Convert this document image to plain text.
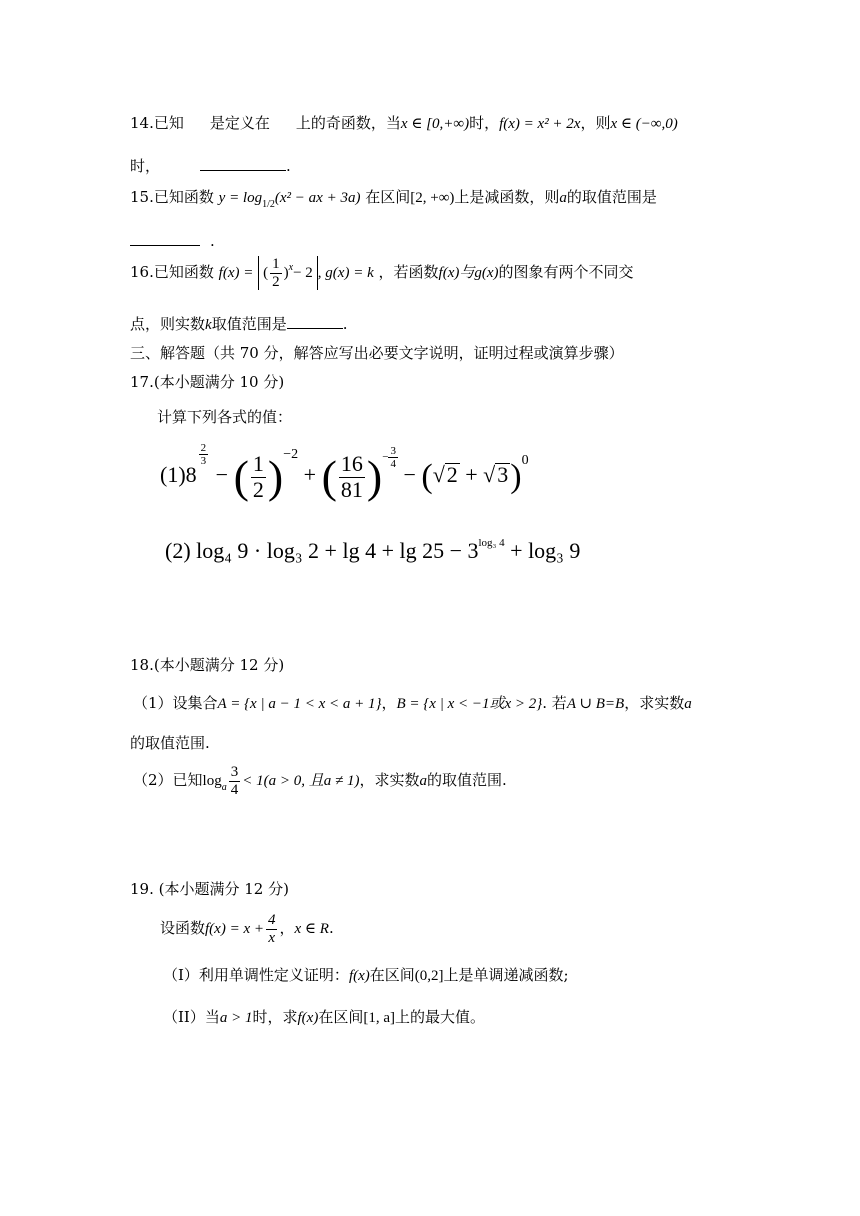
14.已知 是定义在 上的奇函数，当x ∈ [0,+∞)时，f(x) = x² + 2x，则x ∈ (−∞,0)
时，	.
15.已知函数 $y = \log_{1/2}(x^2$ − ax + 3a) 在区间[2, +∞)上是减函数，则a的取值范围是
.
16.已知函数 f(x) = ( $\frac{1}{2} )^x- 2$ , g(x) = k ，若函数f(x)与g(x)的图象有两个不同交
点，则实数k取值范围是	.
三、解答题（共 70 分，解答应写出必要文字说明，证明过程或演算步骤）
17.(本小题满分 10 分)
计算下列各式的值：
(1)8
$\frac{2}{3}$
− ( $\frac{1}{2} )^{-2}$ + ( $\frac{16}{81} )^{- \frac{3}{4}}$
− $(√2 + √3)^0$
(2) log₄ 9 · log₃ $2 + \lg 4 + \lg 25 - 3^{log_3 4} + \log_3$ 9
18.(本小题满分 12 分)
（1）设集合A = {x | a − 1 < x < a + 1}，B = {x | x < −1或x > 2}. 若A ∪ B=B，求实数a
的取值范围.
（2）已知$\log_a \frac{3}{4} < 1(a > 0$, 且a ≠ 1)，求实数a的取值范围.
19. (本小题满分 12 分)
设函数$f(x) = x + \frac{4}{x}$ ，x ∈ R.
（I）利用单调性定义证明：f(x)在区间(0,2]上是单调递减函数;
（II）当a > 1时，求f(x)在区间[1, a]上的最大值。
